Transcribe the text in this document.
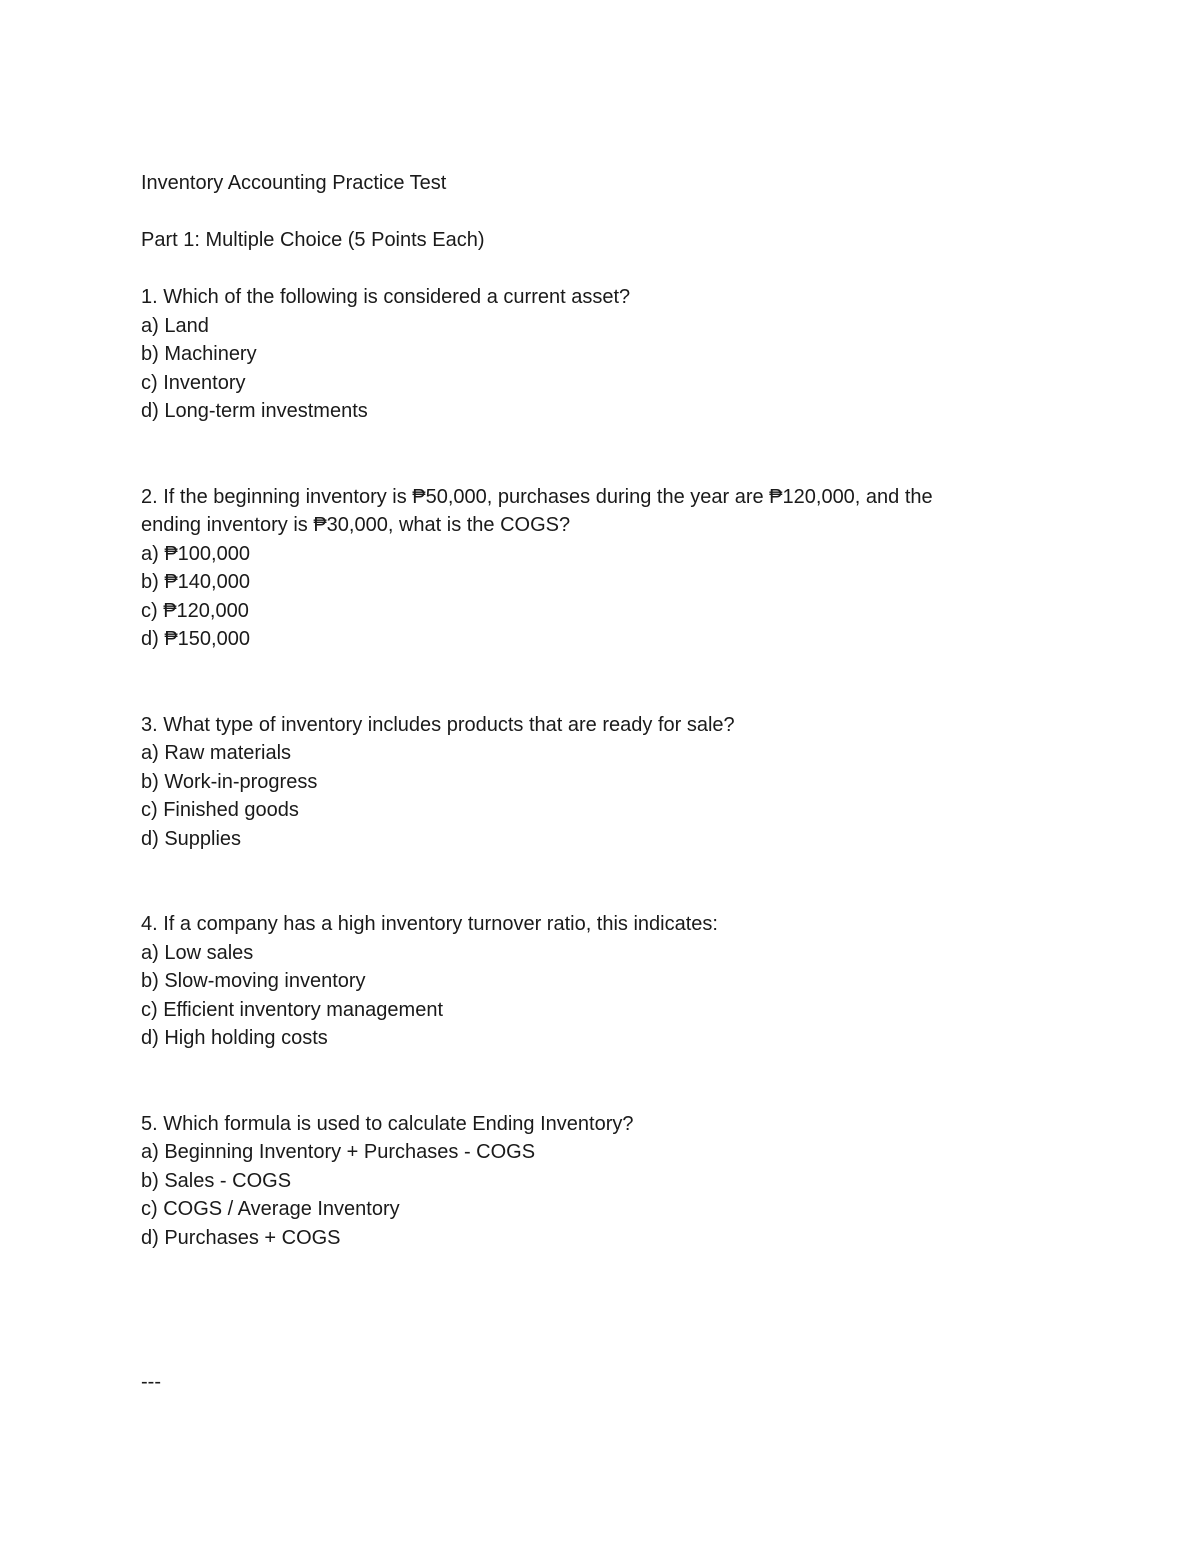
Inventory Accounting Practice Test

Part 1: Multiple Choice (5 Points Each)

1. Which of the following is considered a current asset?

a) Land

b) Machinery

c) Inventory

d) Long-term investments

2. If the beginning inventory is ₱50,000, purchases during the year are ₱120,000, and the

ending inventory is ₱30,000, what is the COGS?

a) ₱100,000

b) ₱140,000

c) ₱120,000

d) ₱150,000

3. What type of inventory includes products that are ready for sale?

a) Raw materials

b) Work-in-progress

c) Finished goods

d) Supplies

4. If a company has a high inventory turnover ratio, this indicates:

a) Low sales

b) Slow-moving inventory

c) Efficient inventory management

d) High holding costs

5. Which formula is used to calculate Ending Inventory?

a) Beginning Inventory + Purchases - COGS

b) Sales - COGS

c) COGS / Average Inventory

d) Purchases + COGS

---
